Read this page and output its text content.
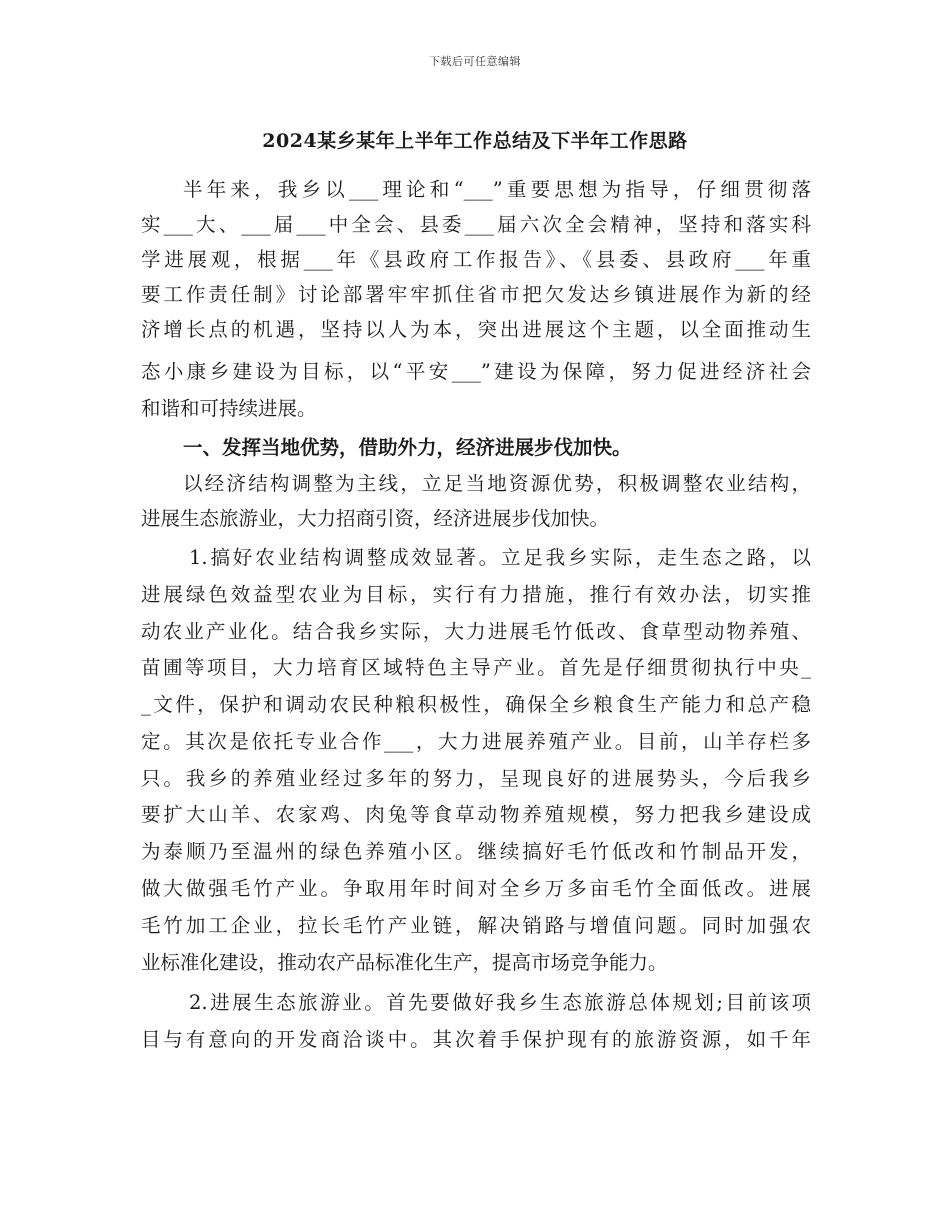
下载后可任意编辑
2024某乡某年上半年工作总结及下半年工作思路
半年来，我乡以___理论和“___”重要思想为指导，仔细贯彻落
实___大、___届___中全会、县委___届六次全会精神，坚持和落实科
学进展观，根据___年《县政府工作报告》、《县委、县政府___年重
要工作责任制》讨论部署牢牢抓住省市把欠发达乡镇进展作为新的经
济增长点的机遇，坚持以人为本，突出进展这个主题，以全面推动生
态小康乡建设为目标，以“平安___”建设为保障，努力促进经济社会
和谐和可持续进展。
一、发挥当地优势，借助外力，经济进展步伐加快。
以经济结构调整为主线，立足当地资源优势，积极调整农业结构，
进展生态旅游业，大力招商引资，经济进展步伐加快。
1.搞好农业结构调整成效显著。立足我乡实际，走生态之路，以
进展绿色效益型农业为目标，实行有力措施，推行有效办法，切实推
动农业产业化。结合我乡实际，大力进展毛竹低改、食草型动物养殖、
苗圃等项目，大力培育区域特色主导产业。首先是仔细贯彻执行中央_
_文件，保护和调动农民种粮积极性，确保全乡粮食生产能力和总产稳
定。其次是依托专业合作___，大力进展养殖产业。目前，山羊存栏多
只。我乡的养殖业经过多年的努力，呈现良好的进展势头，今后我乡
要扩大山羊、农家鸡、肉兔等食草动物养殖规模，努力把我乡建设成
为泰顺乃至温州的绿色养殖小区。继续搞好毛竹低改和竹制品开发，
做大做强毛竹产业。争取用年时间对全乡万多亩毛竹全面低改。进展
毛竹加工企业，拉长毛竹产业链，解决销路与增值问题。同时加强农
业标准化建设，推动农产品标准化生产，提高市场竞争能力。
2.进展生态旅游业。首先要做好我乡生态旅游总体规划;目前该项
目与有意向的开发商洽谈中。其次着手保护现有的旅游资源，如千年
